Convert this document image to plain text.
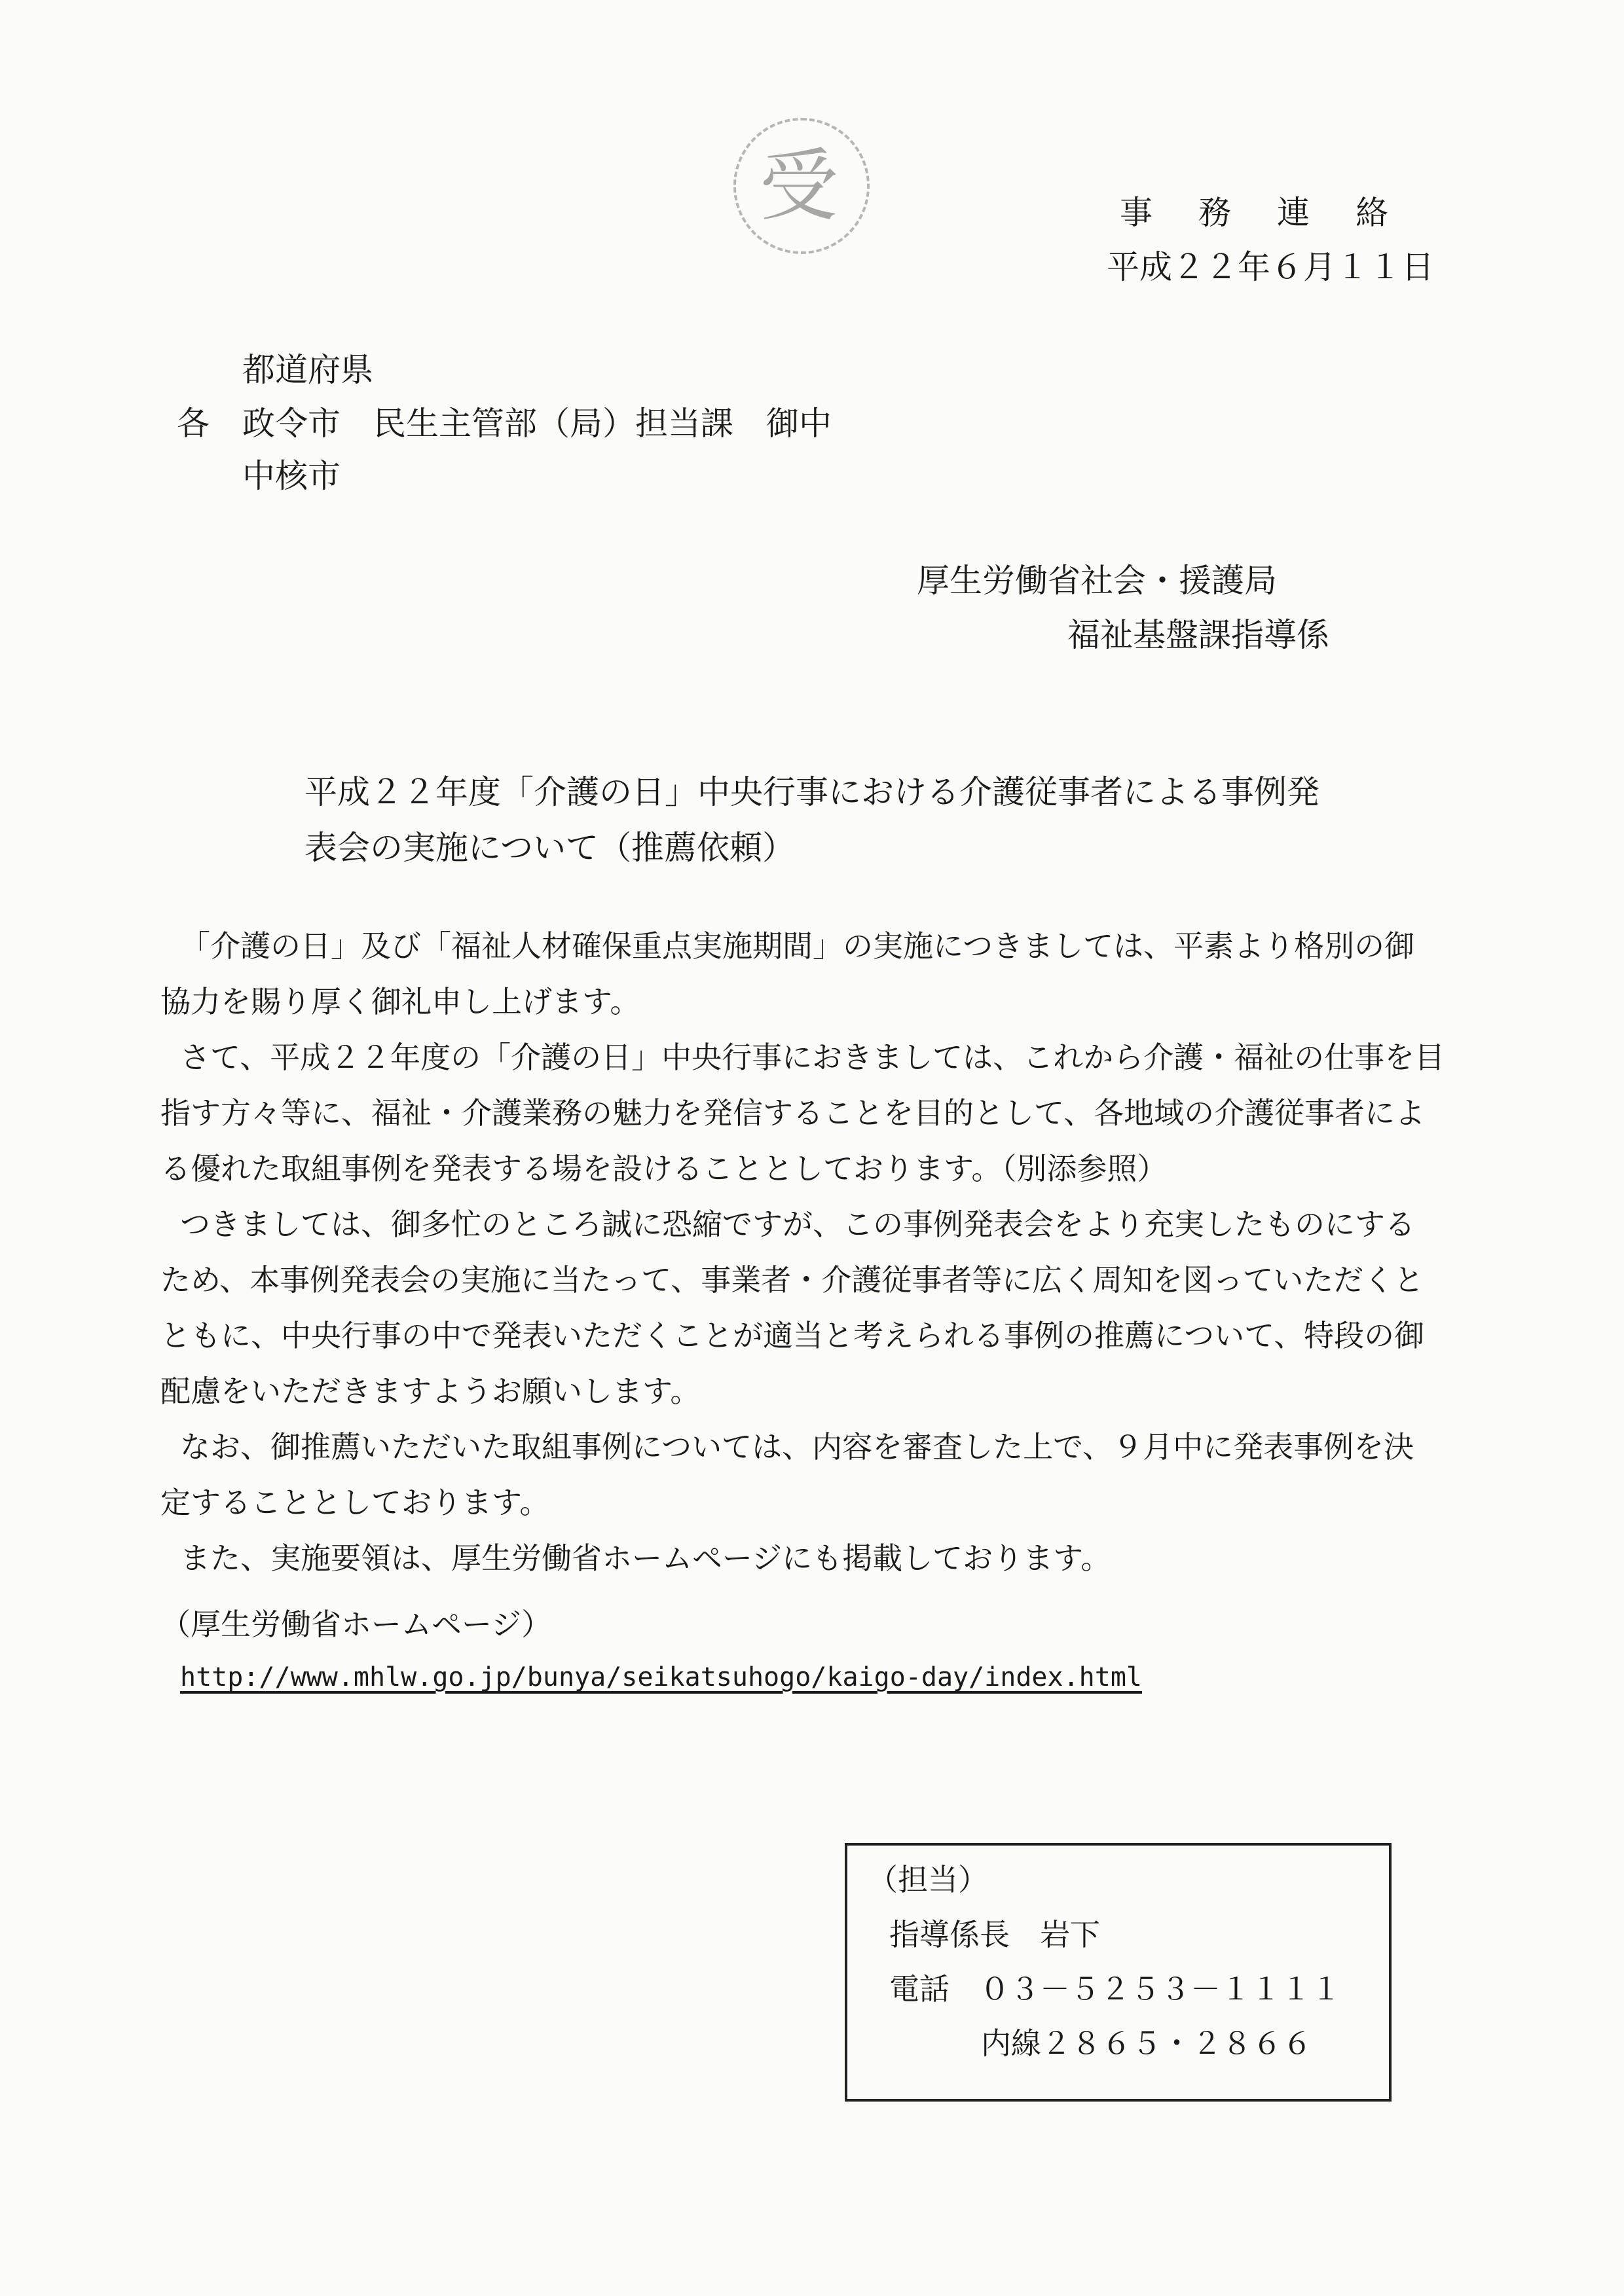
受	事務連絡
平成２２年６月１１日
都道府県
各　政令市　民生主管部（局）担当課　御中
中核市
厚生労働省社会・援護局
福祉基盤課指導係
平成２２年度「介護の日」中央行事における介護従事者による事例発
表会の実施について（推薦依頼）
「介護の日」及び「福祉人材確保重点実施期間」の実施につきましては、平素より格別の御
協力を賜り厚く御礼申し上げます。
さて、平成２２年度の「介護の日」中央行事におきましては、これから介護・福祉の仕事を目
指す方々等に、福祉・介護業務の魅力を発信することを目的として、各地域の介護従事者によ
る優れた取組事例を発表する場を設けることとしております。（別添参照）
つきましては、御多忙のところ誠に恐縮ですが、この事例発表会をより充実したものにする
ため、本事例発表会の実施に当たって、事業者・介護従事者等に広く周知を図っていただくと
ともに、中央行事の中で発表いただくことが適当と考えられる事例の推薦について、特段の御
配慮をいただきますようお願いします。
なお、御推薦いただいた取組事例については、内容を審査した上で、９月中に発表事例を決
定することとしております。
また、実施要領は、厚生労働省ホームページにも掲載しております。
（厚生労働省ホームページ）
http://www.mhlw.go.jp/bunya/seikatsuhogo/kaigo-day/index.html
（担当）
指導係長　岩下
電話　０３－５２５３－１１１１
内線２８６５・２８６６
